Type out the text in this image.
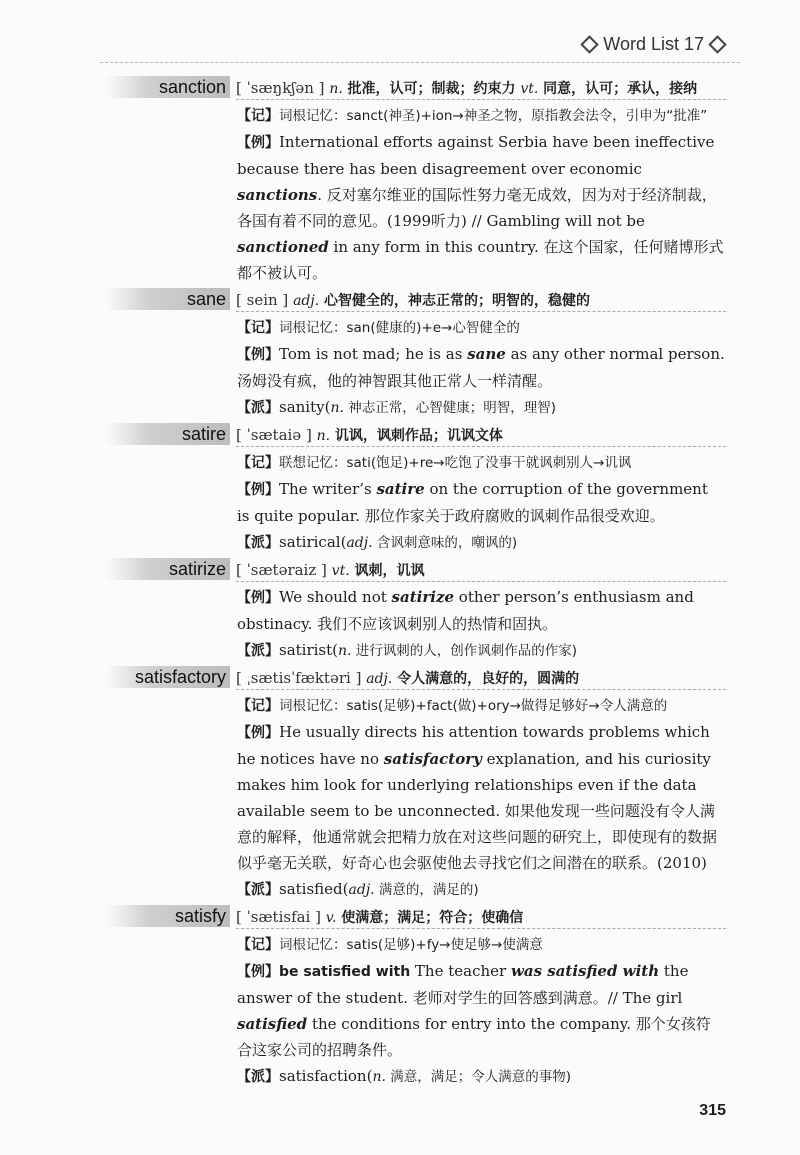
Word List 17
sanction [ ˈsæŋkʃən ] n. 批准，认可；制裁；约束力 vt. 同意，认可；承认，接纳
【记】词根记忆：sanct(神圣)+ion→神圣之物，原指教会法令，引申为“批准”
【例】International efforts against Serbia have been ineffective because there has been disagreement over economic sanctions. 反对塞尔维亚的国际性努力毫无成效，因为对于经济制裁，各国有着不同的意见。(1999听力) // Gambling will not be sanctioned in any form in this country. 在这个国家，任何赌博形式都不被认可。
sane [ sein ] adj. 心智健全的，神志正常的；明智的，稳健的
【记】词根记忆：san(健康的)+e→心智健全的
【例】Tom is not mad; he is as sane as any other normal person. 汤姆没有疯，他的神智跟其他正常人一样清醒。
【派】sanity(n. 神志正常，心智健康；明智，理智)
satire [ ˈsætaiə ] n. 讥讽，讽刺作品；讥讽文体
【记】联想记忆：sati(饱足)+re→吃饱了没事干就讽刺别人→讥讽
【例】The writer’s satire on the corruption of the government is quite popular. 那位作家关于政府腐败的讽刺作品很受欢迎。
【派】satirical(adj. 含讽刺意味的，嘲讽的)
satirize [ ˈsætəraiz ] vt. 讽刺，讥讽
【例】We should not satirize other person’s enthusiasm and obstinacy. 我们不应该讽刺别人的热情和固执。
【派】satirist(n. 进行讽刺的人，创作讽刺作品的作家)
satisfactory [ ˌsætisˈfæktəri ] adj. 令人满意的，良好的，圆满的
【记】词根记忆：satis(足够)+fact(做)+ory→做得足够好→令人满意的
【例】He usually directs his attention towards problems which he notices have no satisfactory explanation, and his curiosity makes him look for underlying relationships even if the data available seem to be unconnected. 如果他发现一些问题没有令人满意的解释，他通常就会把精力放在对这些问题的研究上，即使现有的数据似乎毫无关联，好奇心也会驱使他去寻找它们之间潜在的联系。(2010)
【派】satisfied(adj. 满意的，满足的)
satisfy [ ˈsætisfai ] v. 使满意；满足；符合；使确信
【记】词根记忆：satis(足够)+fy→使足够→使满意
【例】be satisfied with The teacher was satisfied with the answer of the student. 老师对学生的回答感到满意。// The girl satisfied the conditions for entry into the company. 那个女孩符合这家公司的招聘条件。
【派】satisfaction(n. 满意，满足；令人满意的事物)
315
